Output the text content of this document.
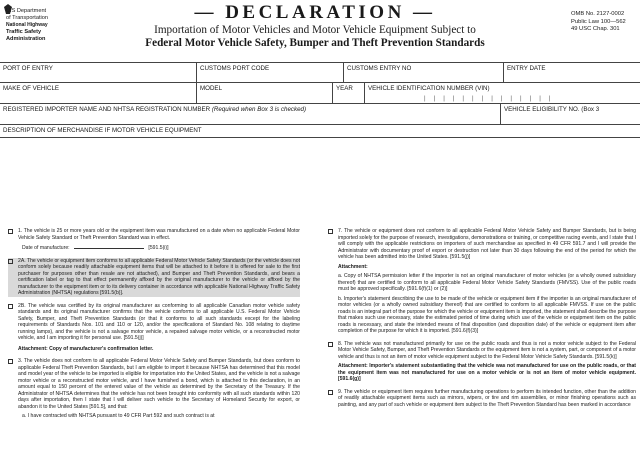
U.S Department
of Transportation
National Highway
Traffic Safety
Administration
— DECLARATION —
Importation of Motor Vehicles and Motor Vehicle Equipment Subject to
Federal Motor Vehicle Safety, Bumper and Theft Prevention Standards
OMB No. 2127-0002
Public Law 100—562
49 USC Chap. 301
PORT OF ENTRY	CUSTOMS PORT CODE	CUSTOMS ENTRY NO	ENTRY DATE
MAKE OF VEHICLE	MODEL	YEAR	VEHICLE IDENTIFICATION NUMBER (VIN)
| | | | | | | | | | | | | |
REGISTERED IMPORTER NAME AND NHTSA REGISTRATION NUMBER (Required when Box 3 is checked)	VEHICLE ELIGIBILITY NO. (Box 3
DESCRIPTION OF MERCHANDISE IF MOTOR VEHICLE EQUIPMENT
1. The vehicle is 25 or more years old or the equipment item was manufactured on a date when no applicable Federal Motor Vehicle Safety Standard or Theft Prevention Standard was in effect.
Date of manufacture:	[591.5(i)]
2A. The vehicle or equipment item conforms to all applicable Federal Motor Vehicle Safety Standards (or the vehicle does not conform solely because readily attachable equipment items that will be attached to it before it is offered for sale to the first purchaser for purposes other than resale are not attached), and Bumper and Theft Prevention Standards, and bears a certification label or tag to that effect permanently affixed by the original manufacturer to the vehicle or affixed by the manufacturer to the equipment item or to its delivery container in accordance with applicable National Highway Traffic Safety Administration (NHTSA) regulations [591.5(b)].
2B. The vehicle was certified by its original manufacturer as conforming to all applicable Canadian motor vehicle safety standards and its original manufacturer confirms that the vehicle conforms to all applicable U.S. Federal Motor Vehicle Safety, Bumper, and Theft Prevention Standards (or that it conforms to all such standards except for the labeling requirements of Standards Nos. 101 and 110 or 120, and/or the specifications of Standard No. 108 relating to daytime running lamps), and the vehicle is not a salvage motor vehicle, a repaired salvage motor vehicle, or a reconstructed motor vehicle, and I am importing it for personal use. [591.5(j)]
Attachment: Copy of manufacturer's confirmation letter.
3. The vehicle does not conform to all applicable Federal Motor Vehicle Safety and Bumper Standards, but does conform to applicable Federal Theft Prevention Standards, but I am eligible to import it because NHTSA has determined that this model and model year of the vehicle to be imported is eligible for importation into the United States, and the vehicle is not a salvage motor vehicle or a reconstructed motor vehicle, and I have furnished a bond, which is attached to this declaration, in an amount equal to 150 percent of the entered value of the vehicle as determined by the Secretary of the Treasury. If the Administrator of NHTSA determines that the vehicle has not been brought into conformity with all such standards within 120 days after importation, then I state that I will deliver such vehicle to the Secretary of Homeland Security for export, or abandon it to the United States [591.5], and that:
a. I have contracted with NHTSA pursuant to 49 CFR Part 592 and such contract is at
7. The vehicle or equipment does not conform to all applicable Federal Motor Vehicle Safety and Bumper Standards, but is being imported solely for the purpose of research, investigations, demonstrations or training, or competitive racing events, and I state that I will comply with the applicable restrictions on importers of such merchandise as specified in 49 CFR 591.7 and I will provide the Administrator with documentary proof of export or destruction not later than 30 days following the end of the period for which the vehicle has been admitted into the United States. [591.5(j)]
Attachment:
a. Copy of NHTSA permission letter if the importer is not an original manufacturer of motor vehicles (or a wholly owned subsidiary thereof) that are certified to conform to all applicable Federal Motor Vehicle Safety Standards (FMVSS). Use of the public roads must be approved specifically. [591.6(f)(1) or (2)]
b. Importer's statement describing the use to be made of the vehicle or equipment item if the importer is an original manufacturer of motor vehicles (or a wholly owned subsidiary thereof) that are certified to conform to all applicable FMVSS. If use on the public roads is an integral part of the purpose for which the vehicle or equipment item is imported, the statement shall describe the purpose that makes such use necessary, state the estimated period of time during which use of the vehicle or equipment item on the public roads is necessary, and state the intended means of final disposition (and disposition date) of the vehicle or equipment item after completion of the purpose for which it is imported. [591.6(f)(3)]
8. The vehicle was not manufactured primarily for use on the public roads and thus is not a motor vehicle subject to the Federal Motor Vehicle Safety, Bumper, and Theft Prevention Standards or the equipment item is not a system, part, or component of a motor vehicle and thus is not an item of motor vehicle equipment subject to the Federal Motor Vehicle Safety Standards. [591.5(k)]
Attachment: Importer's statement substantiating that the vehicle was not manufactured for use on the public roads, or that the equipment item was not manufactured for use on a motor vehicle or is not an item of motor vehicle equipment. [591.6(g)]
9. The vehicle or equipment item requires further manufacturing operations to perform its intended function, other than the addition of readily attachable equipment items such as mirrors, wipers, or tire and rim assemblies, or minor finishing operations such as painting, and any part of such vehicle or equipment item subject to the Theft Prevention Standard has been marked in accordance
